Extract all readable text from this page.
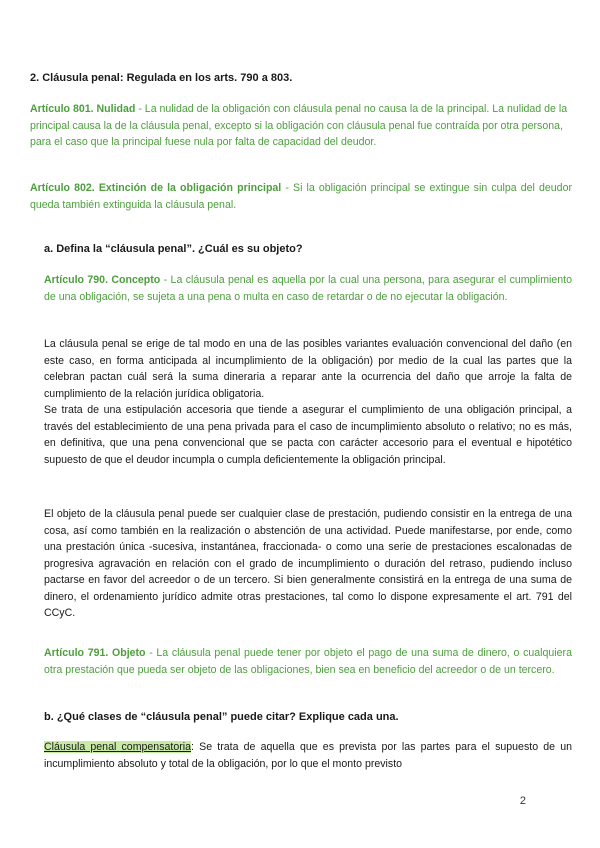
2. Cláusula penal: Regulada en los arts. 790 a 803.

Artículo 801. Nulidad - La nulidad de la obligación con cláusula penal no causa la de la principal. La nulidad de la principal causa la de la cláusula penal, excepto si la obligación con cláusula penal fue contraída por otra persona, para el caso que la principal fuese nula por falta de capacidad del deudor.

Artículo 802. Extinción de la obligación principal - Si la obligación principal se extingue sin culpa del deudor queda también extinguida la cláusula penal.

a. Defina la “cláusula penal”. ¿Cuál es su objeto?

Artículo 790. Concepto - La cláusula penal es aquella por la cual una persona, para asegurar el cumplimiento de una obligación, se sujeta a una pena o multa en caso de retardar o de no ejecutar la obligación.

La cláusula penal se erige de tal modo en una de las posibles variantes evaluación convencional del daño (en este caso, en forma anticipada al incumplimiento de la obligación) por medio de la cual las partes que la celebran pactan cuál será la suma dineraria a reparar ante la ocurrencia del daño que arroje la falta de cumplimiento de la relación jurídica obligatoria.

Se trata de una estipulación accesoria que tiende a asegurar el cumplimiento de una obligación principal, a través del establecimiento de una pena privada para el caso de incumplimiento absoluto o relativo; no es más, en definitiva, que una pena convencional que se pacta con carácter accesorio para el eventual e hipotético supuesto de que el deudor incumpla o cumpla deficientemente la obligación principal.

El objeto de la cláusula penal puede ser cualquier clase de prestación, pudiendo consistir en la entrega de una cosa, así como también en la realización o abstención de una actividad. Puede manifestarse, por ende, como una prestación única -sucesiva, instantánea, fraccionada- o como una serie de prestaciones escalonadas de progresiva agravación en relación con el grado de incumplimiento o duración del retraso, pudiendo incluso pactarse en favor del acreedor o de un tercero. Si bien generalmente consistirá en la entrega de una suma de dinero, el ordenamiento jurídico admite otras prestaciones, tal como lo dispone expresamente el art. 791 del CCyC.

Artículo 791. Objeto - La cláusula penal puede tener por objeto el pago de una suma de dinero, o cualquiera otra prestación que pueda ser objeto de las obligaciones, bien sea en beneficio del acreedor o de un tercero.

b. ¿Qué clases de “cláusula penal” puede citar? Explique cada una.

Cláusula penal compensatoria: Se trata de aquella que es prevista por las partes para el supuesto de un incumplimiento absoluto y total de la obligación, por lo que el monto previsto

2
